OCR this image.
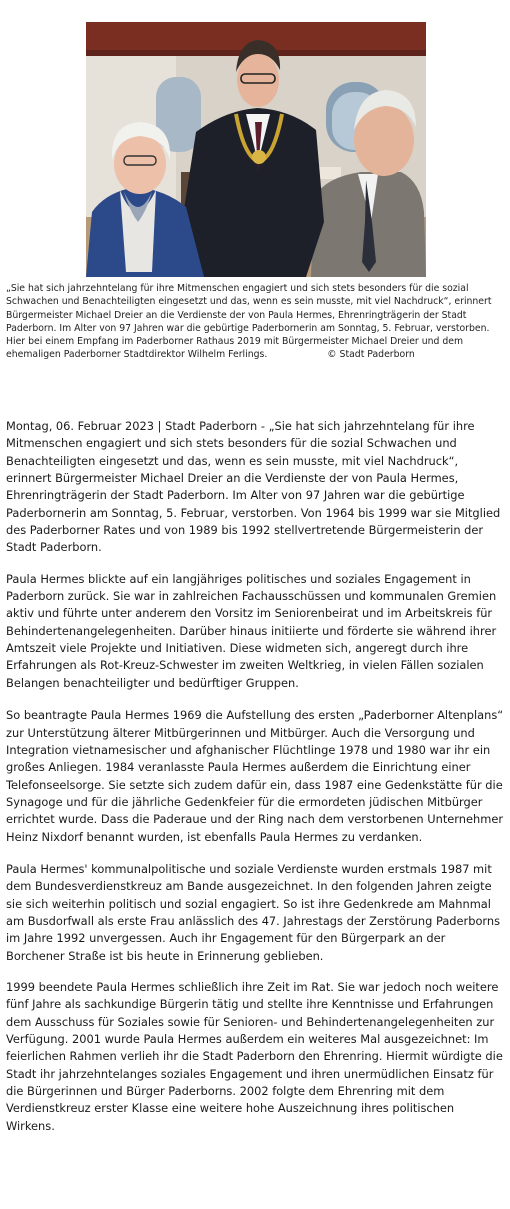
„Sie hat sich jahrzehntelang für ihre Mitmenschen engagiert und sich stets besonders für die sozial Schwachen und Benachteiligten eingesetzt und das, wenn es sein musste, mit viel Nachdruck“, erinnert Bürgermeister Michael Dreier an die Verdienste der von Paula Hermes, Ehrenringträgerin der Stadt Paderborn. Im Alter von 97 Jahren war die gebürtige Paderbornerin am Sonntag, 5. Februar, verstorben. Hier bei einem Empfang im Paderborner Rathaus 2019 mit Bürgermeister Michael Dreier und dem ehemaligen Paderborner Stadtdirektor Wilhelm Ferlings.	© Stadt Paderborn

Montag, 06. Februar 2023 | Stadt Paderborn - „Sie hat sich jahrzehntelang für ihre Mitmenschen engagiert und sich stets besonders für die sozial Schwachen und Benachteiligten eingesetzt und das, wenn es sein musste, mit viel Nachdruck“, erinnert Bürgermeister Michael Dreier an die Verdienste der von Paula Hermes, Ehrenringträgerin der Stadt Paderborn. Im Alter von 97 Jahren war die gebürtige Paderbornerin am Sonntag, 5. Februar, verstorben. Von 1964 bis 1999 war sie Mitglied des Paderborner Rates und von 1989 bis 1992 stellvertretende Bürgermeisterin der Stadt Paderborn.

Paula Hermes blickte auf ein langjähriges politisches und soziales Engagement in Paderborn zurück. Sie war in zahlreichen Fachausschüssen und kommunalen Gremien aktiv und führte unter anderem den Vorsitz im Seniorenbeirat und im Arbeitskreis für Behindertenangelegenheiten. Darüber hinaus initiierte und förderte sie während ihrer Amtszeit viele Projekte und Initiativen. Diese widmeten sich, angeregt durch ihre Erfahrungen als Rot-Kreuz-Schwester im zweiten Weltkrieg, in vielen Fällen sozialen Belangen benachteiligter und bedürftiger Gruppen.

So beantragte Paula Hermes 1969 die Aufstellung des ersten „Paderborner Altenplans“ zur Unterstützung älterer Mitbürgerinnen und Mitbürger. Auch die Versorgung und Integration vietnamesischer und afghanischer Flüchtlinge 1978 und 1980 war ihr ein großes Anliegen. 1984 veranlasste Paula Hermes außerdem die Einrichtung einer Telefonseelsorge. Sie setzte sich zudem dafür ein, dass 1987 eine Gedenkstätte für die Synagoge und für die jährliche Gedenkfeier für die ermordeten jüdischen Mitbürger errichtet wurde. Dass die Paderaue und der Ring nach dem verstorbenen Unternehmer Heinz Nixdorf benannt wurden, ist ebenfalls Paula Hermes zu verdanken.

Paula Hermes' kommunalpolitische und soziale Verdienste wurden erstmals 1987 mit dem Bundesverdienstkreuz am Bande ausgezeichnet. In den folgenden Jahren zeigte sie sich weiterhin politisch und sozial engagiert. So ist ihre Gedenkrede am Mahnmal am Busdorfwall als erste Frau anlässlich des 47. Jahrestags der Zerstörung Paderborns im Jahre 1992 unvergessen. Auch ihr Engagement für den Bürgerpark an der Borchener Straße ist bis heute in Erinnerung geblieben.

1999 beendete Paula Hermes schließlich ihre Zeit im Rat. Sie war jedoch noch weitere fünf Jahre als sachkundige Bürgerin tätig und stellte ihre Kenntnisse und Erfahrungen dem Ausschuss für Soziales sowie für Senioren- und Behindertenangelegenheiten zur Verfügung. 2001 wurde Paula Hermes außerdem ein weiteres Mal ausgezeichnet: Im feierlichen Rahmen verlieh ihr die Stadt Paderborn den Ehrenring. Hiermit würdigte die Stadt ihr jahrzehntelanges soziales Engagement und ihren unermüdlichen Einsatz für die Bürgerinnen und Bürger Paderborns. 2002 folgte dem Ehrenring mit dem Verdienstkreuz erster Klasse eine weitere hohe Auszeichnung ihres politischen Wirkens.
